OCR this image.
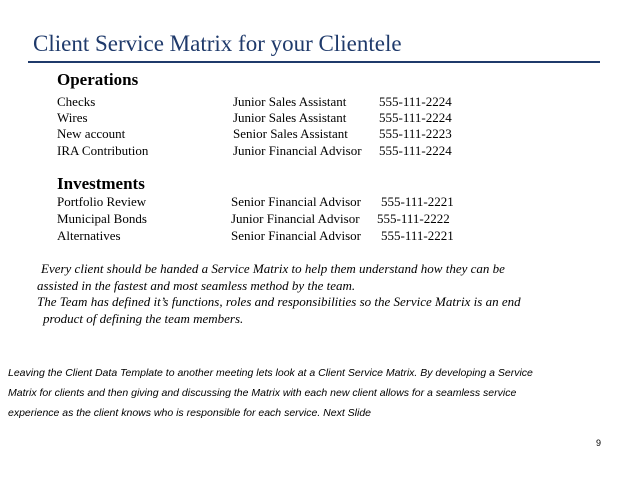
Client Service Matrix for your Clientele
Operations
Checks	Junior Sales Assistant	555-111-2224
Wires	Junior Sales Assistant	555-111-2224
New account	Senior Sales Assistant 555-111-2223
IRA Contribution	Junior Financial Advisor 555-111-2224
Investments
Portfolio Review	Senior Financial Advisor 555-111-2221
Municipal Bonds	Junior Financial Advisor 555-111-2222
Alternatives	Senior Financial Advisor 555-111-2221
Every client should be handed a Service Matrix to help them understand how they can be
assisted in the fastest and most seamless method by the team.
The Team has defined it’s functions, roles and responsibilities so the Service Matrix is an end
product of defining the team members.
Leaving the Client Data Template to another meeting lets look at a Client Service Matrix. By developing a Service
Matrix for clients and then giving and discussing the Matrix with each new client allows for a seamless service
experience as the client knows who is responsible for each service. Next Slide
9
